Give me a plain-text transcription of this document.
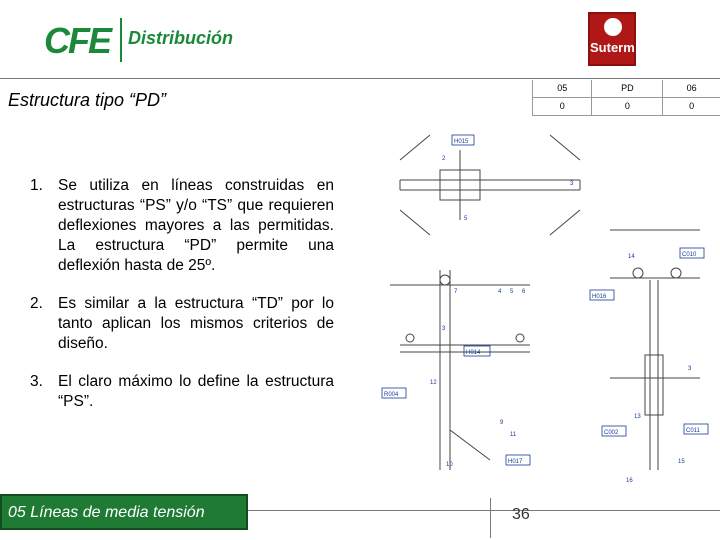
CFE Distribución	Suterm
Estructura tipo “PD”
05	PD	06
0	0	0
1. Se utiliza en líneas construidas en estructuras “PS” y/o “TS” que requieren deflexiones mayores a las permitidas. La estructura “PD” permite una deflexión hasta de 25º.
2. Es similar a la estructura “TD” por lo tanto aplican los mismos criterios de diseño.
3. El claro máximo lo define la estructura “PS”.
H015
2
3
5
C010
14
H016
7	4 5 6
3
H014
3
12
R004
9
11
13
C002	C011
H017
10	15
16
05 Líneas de media tensión	36
